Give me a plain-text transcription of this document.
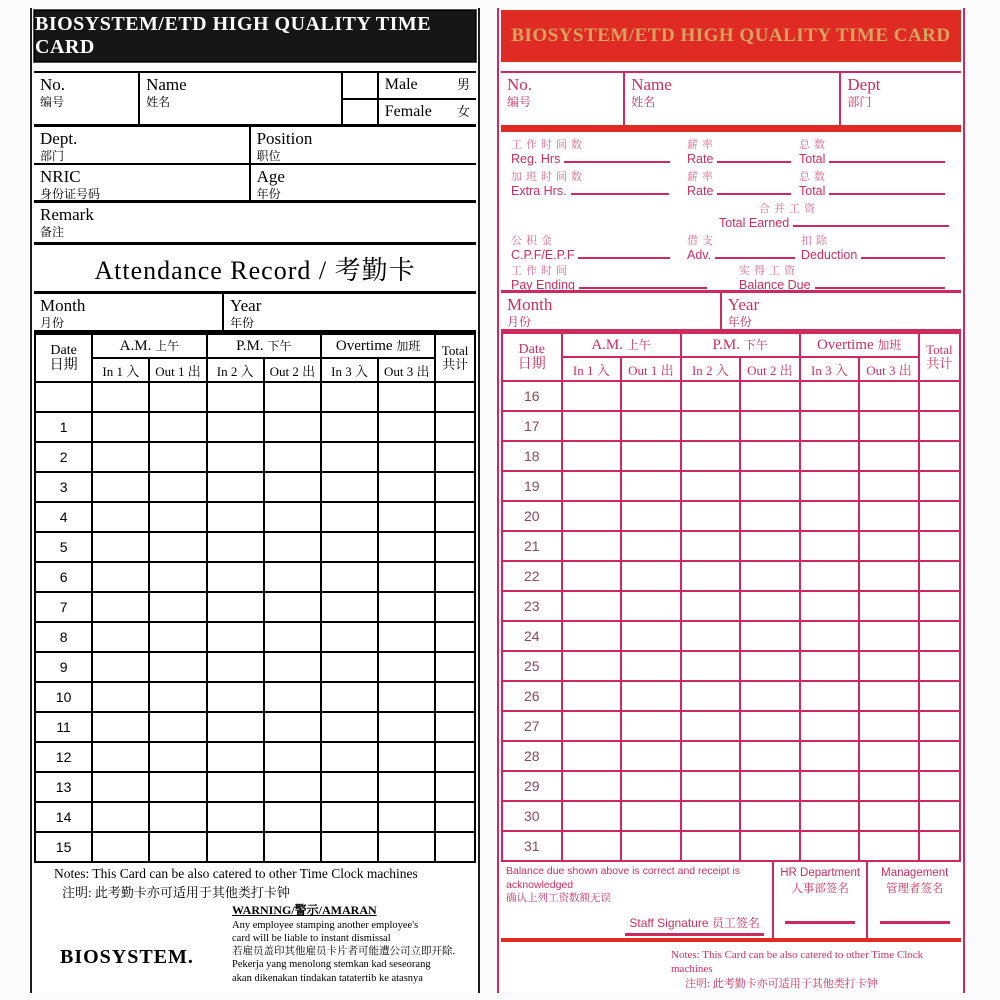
BIOSYSTEM/ETD HIGH QUALITY TIME CARD
No.
编号
Name
姓名
Male	男
Female 女
Dept.
部门
Position
职位
NRIC
身份证号码
Age
年份
Remark
备注
Attendance Record / 考勤卡
Month
月份
Year
年份
Date
日期
	A.M. 上午	P.M. 下午	Overtime 加班	Total
共计

	In 1 入	Out 1 出	In 2 入	Out 2 出	In 3 入	Out 3 出	

1							
2							
3							
4							
5							
6							
7							
8							
9							
10							
11							
12							
13							
14							
15							
Notes: This Card can be also catered to other Time Clock machines
注明: 此考勤卡亦可适用于其他类打卡钟
WARNING/警示/AMARAN
Any employee stamping another employee's
card will be liable to instant dismissal
若雇员盖印其他雇员卡片者可能遭公司立即开除.
Pekerja yang menolong stemkan kad seseorang
akan dikenakan tindakan tatatertib ke atasnya
BIOSYSTEM.
BIOSYSTEM/ETD HIGH QUALITY TIME CARD
No.
编号
Name
姓名
Dept
部门
工作时间数
Reg. Hrs
薪率
Rate
总数
Total
加班时间数
Extra Hrs.
薪率
Rate
总数
Total
合并工资
Total Earned
公积金
C.P.F/E.P.F
借支
Adv.
扣除
Deduction
工作时间
Pay Ending
实得工资
Balance Due
Month
月份
Year
年份
Date
日期
	A.M. 上午	P.M. 下午	Overtime 加班	Total
共计

	In 1 入	Out 1 出	In 2 入	Out 2 出	In 3 入	Out 3 出	
16							
17							
18							
19							
20							
21							
22							
23							
24							
25							
26							
27							
28							
29							
30							
31							
Balance due shown above is correct and receipt is acknowledged
确认上列工资数额无误
Staff Signature 员工签名
HR Department
人事部签名
Management
管理者签名
Notes: This Card can be also catered to other Time Clock machines
注明: 此考勤卡亦可适用于其他类打卡钟
